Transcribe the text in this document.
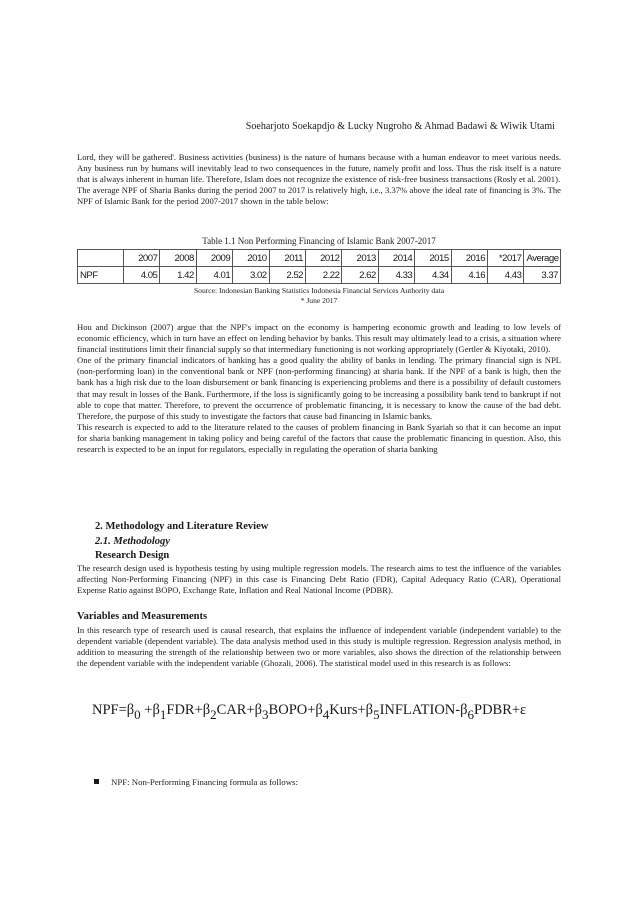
Soeharjoto Soekapdjo & Lucky Nugroho & Ahmad Badawi & Wiwik Utami

Lord, they will be gathered'. Business activities (business) is the nature of humans because with a human endeavor to meet various needs. Any business run by humans will inevitably lead to two consequences in the future, namely profit and loss. Thus the risk itself is a nature that is always inherent in human life. Therefore, Islam does not recognize the existence of risk-free business transactions (Rosly et al. 2001).

The average NPF of Sharia Banks during the period 2007 to 2017 is relatively high, i.e., 3.37% above the ideal rate of financing is 3%. The NPF of Islamic Bank for the period 2007-2017 shown in the table below:

Table 1.1 Non Performing Financing of Islamic Bank 2007-2017
	2007	2008	2009	2010	2011	2012	2013	2014	2015	2016	*2017	Average
NPF	4.05	1.42	4.01	3.02	2.52	2.22	2.62	4.33	4.34	4.16	4.43	3.37
Source: Indonesian Banking Statistics Indonesia Financial Services Authority data
* June 2017

Hou and Dickinson (2007) argue that the NPF's impact on the economy is hampering economic growth and leading to low levels of economic efficiency, which in turn have an effect on lending behavior by banks. This result may ultimately lead to a crisis, a situation where financial institutions limit their financial supply so that intermediary functioning is not working appropriately (Gertler & Kiyotaki, 2010).

One of the primary financial indicators of banking has a good quality the ability of banks in lending. The primary financial sign is NPL (non-performing loan) in the conventional bank or NPF (non-performing financing) at sharia bank. If the NPF of a bank is high, then the bank has a high risk due to the loan disbursement or bank financing is experiencing problems and there is a possibility of default customers that may result in losses of the Bank. Furthermore, if the loss is significantly going to be increasing a possibility bank tend to bankrupt if not able to cope that matter. Therefore, to prevent the occurrence of problematic financing, it is necessary to know the cause of the bad debt. Therefore, the purpose of this study to investigate the factors that cause bad financing in Islamic banks.

This research is expected to add to the literature related to the causes of problem financing in Bank Syariah so that it can become an input for sharia banking management in taking policy and being careful of the factors that cause the problematic financing in question. Also, this research is expected to be an input for regulators, especially in regulating the operation of sharia banking

2. Methodology and Literature Review
2.1. Methodology
Research Design

The research design used is hypothesis testing by using multiple regression models. The research aims to test the influence of the variables affecting Non-Performing Financing (NPF) in this case is Financing Debt Ratio (FDR), Capital Adequacy Ratio (CAR), Operational Expense Ratio against BOPO, Exchange Rate, Inflation and Real National Income (PDBR).

Variables and Measurements

In this research type of research used is causal research, that explains the influence of independent variable (independent variable) to the dependent variable (dependent variable). The data analysis method used in this study is multiple regression. Regression analysis method, in addition to measuring the strength of the relationship between two or more variables, also shows the direction of the relationship between the dependent variable with the independent variable (Ghozali, 2006). The statistical model used in this research is as follows:

$NPF=\beta_0$ $+\beta_1FDR+\beta_2CAR+\beta_3BOPO+\beta_4Kurs+\beta_5INFLATION-\beta_6PDBR+\varepsilon$
NPF: Non-Performing Financing formula as follows:
